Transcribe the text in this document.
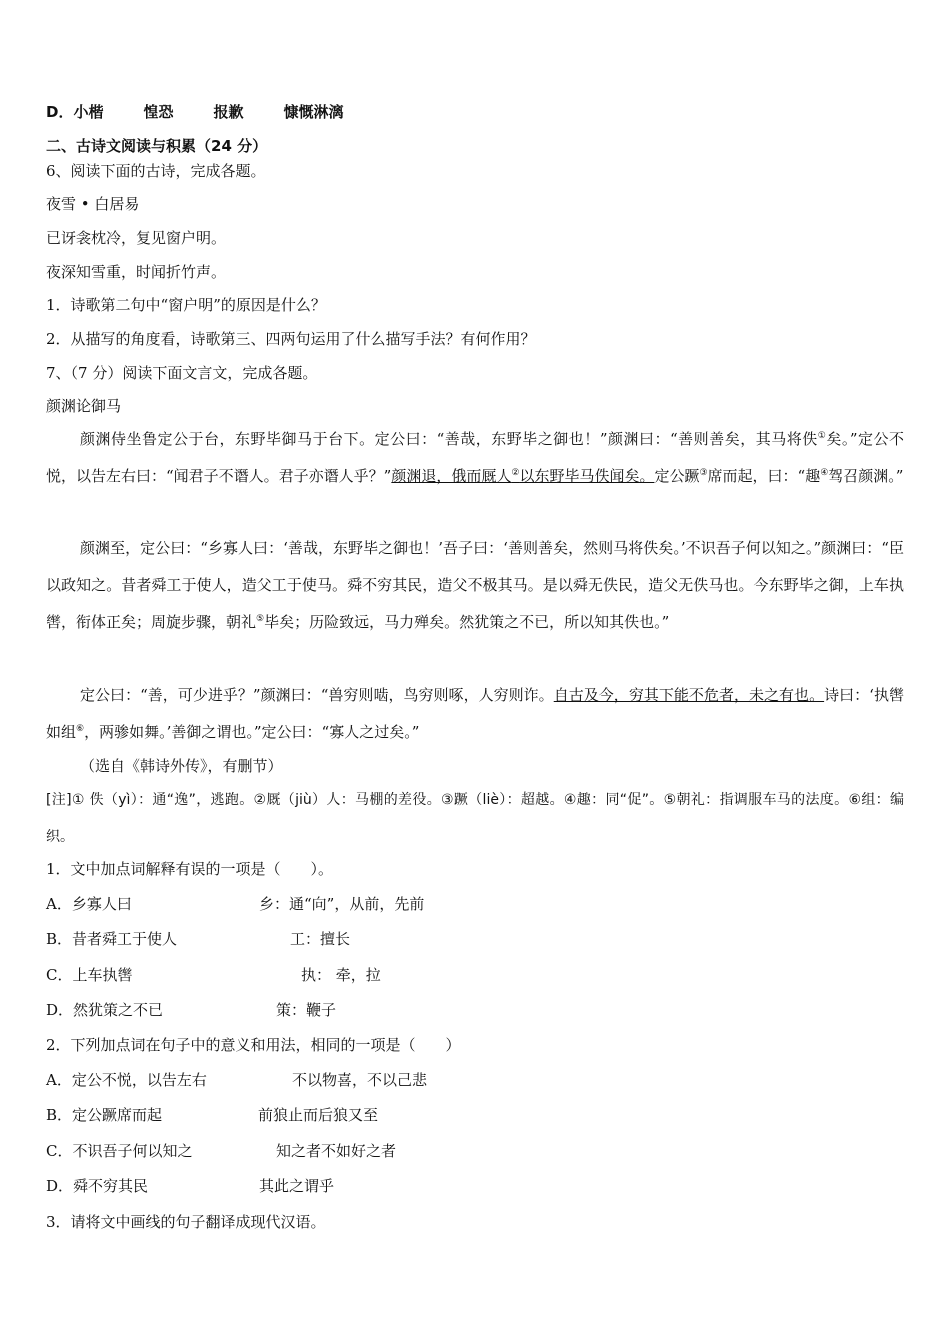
D．小楷	惶恐	报歉	慷慨淋漓
二、古诗文阅读与积累（24 分）
6、阅读下面的古诗，完成各题。
夜雪 • 白居易
已讶衾枕冷，复见窗户明。
夜深知雪重，时闻折竹声。
1．诗歌第二句中“窗户明”的原因是什么？
2．从描写的角度看，诗歌第三、四两句运用了什么描写手法？有何作用？
7、（7 分）阅读下面文言文，完成各题。
颜渊论御马
颜渊侍坐鲁定公于台，东野毕御马于台下。定公曰：“善哉，东野毕之御也！”颜渊曰：“善则善矣，其马将佚①矣。”定公不悦，以告左右曰：“闻君子不谮人。君子亦谮人乎？”颜渊退，俄而厩人②以东野毕马佚闻矣。定公蹶③席而起，曰：“趣④驾召颜渊。”
颜渊至，定公曰：“乡寡人曰：‘善哉，东野毕之御也！’吾子曰：‘善则善矣，然则马将佚矣。’不识吾子何以知之。”颜渊曰：“臣以政知之。昔者舜工于使人，造父工于使马。舜不穷其民，造父不极其马。是以舜无佚民，造父无佚马也。今东野毕之御，上车执辔，衔体正矣；周旋步骤，朝礼⑤毕矣；历险致远，马力殚矣。然犹策之不已，所以知其佚也。”
定公曰：“善，可少进乎？”颜渊曰：“兽穷则啮，鸟穷则啄，人穷则诈。自古及今，穷其下能不危者，未之有也。诗曰：‘执辔如组⑥，两骖如舞。’善御之谓也。”定公曰：“寡人之过矣。”
（选自《韩诗外传》，有删节）
[注]① 佚（yì）：通“逸”，逃跑。②厩（jiù）人：马棚的差役。③蹶（liè）：超越。④趣：同“促”。⑤朝礼：指调服车马的法度。⑥组：编织。
1．文中加点词解释有误的一项是（　　）。
A．乡寡人曰	乡：通“向”，从前，先前
B．昔者舜工于使人	工：擅长
C．上车执辔	执： 牵，拉
D．然犹策之不已	策：鞭子
2．下列加点词在句子中的意义和用法，相同的一项是（　　）
A．定公不悦，以告左右	不以物喜，不以己悲
B．定公蹶席而起	前狼止而后狼又至
C．不识吾子何以知之	知之者不如好之者
D．舜不穷其民	其此之谓乎
3．请将文中画线的句子翻译成现代汉语。
